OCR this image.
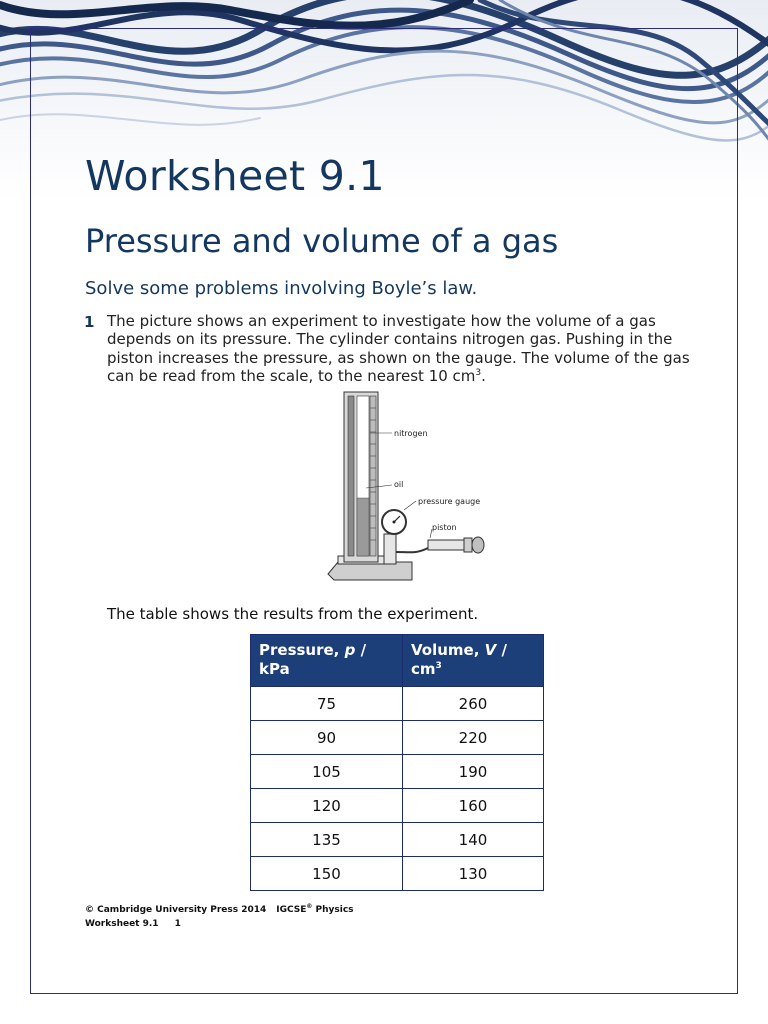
Worksheet 9.1
Pressure and volume of a gas

Solve some problems involving Boyle’s law.

1 The picture shows an experiment to investigate how the volume of a gas depends on its pressure. The cylinder contains nitrogen gas. Pushing in the piston increases the pressure, as shown on the gauge. The volume of the gas can be read from the scale, to the nearest 10 $cm^3$.

nitrogen
oil
pressure gauge
piston

The table shows the results from the experiment.

Pressure, p / kPa	Volume, V / $cm^3$
75	260
90	220
105	190
120	160
135	140
150	130
© Cambridge University Press 2014 IGCSE® Physics
Worksheet 9.1 1
